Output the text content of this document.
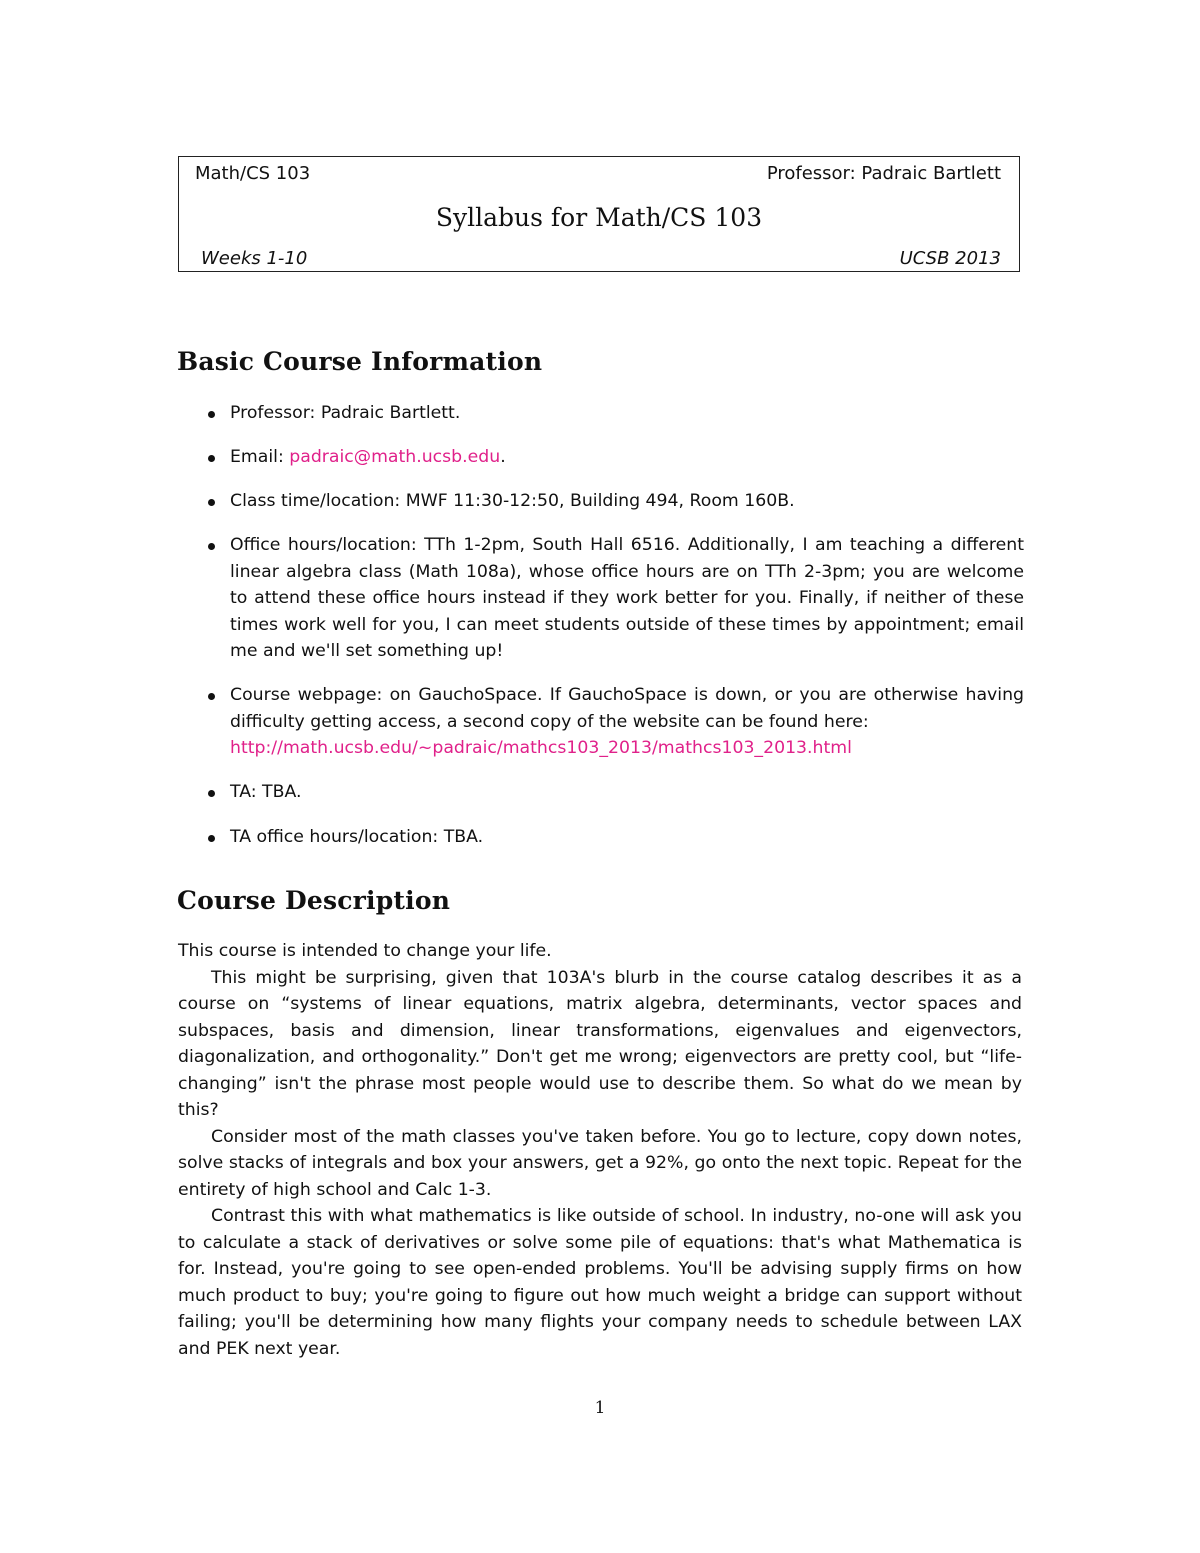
Math/CS 103	Professor: Padraic Bartlett
Syllabus for Math/CS 103
Weeks 1-10	UCSB 2013
Basic Course Information
Professor: Padraic Bartlett.
Email: padraic@math.ucsb.edu.
Class time/location: MWF 11:30-12:50, Building 494, Room 160B.
Office hours/location: TTh 1-2pm, South Hall 6516. Additionally, I am teaching a different linear algebra class (Math 108a), whose office hours are on TTh 2-3pm; you are welcome to attend these office hours instead if they work better for you. Finally, if neither of these times work well for you, I can meet students outside of these times by appointment; email me and we'll set something up!
Course webpage: on GauchoSpace. If GauchoSpace is down, or you are otherwise having difficulty getting access, a second copy of the website can be found here:
http://math.ucsb.edu/~padraic/mathcs103_2013/mathcs103_2013.html
TA: TBA.
TA office hours/location: TBA.
Course Description

This course is intended to change your life.

This might be surprising, given that 103A's blurb in the course catalog describes it as a course on “systems of linear equations, matrix algebra, determinants, vector spaces and subspaces, basis and dimension, linear transformations, eigenvalues and eigenvectors, diagonalization, and orthogonality.” Don't get me wrong; eigenvectors are pretty cool, but “life-changing” isn't the phrase most people would use to describe them. So what do we mean by this?

Consider most of the math classes you've taken before. You go to lecture, copy down notes, solve stacks of integrals and box your answers, get a 92%, go onto the next topic. Repeat for the entirety of high school and Calc 1-3.

Contrast this with what mathematics is like outside of school. In industry, no-one will ask you to calculate a stack of derivatives or solve some pile of equations: that's what Mathematica is for. Instead, you're going to see open-ended problems. You'll be advising supply firms on how much product to buy; you're going to figure out how much weight a bridge can support without failing; you'll be determining how many flights your company needs to schedule between LAX and PEK next year.

1
